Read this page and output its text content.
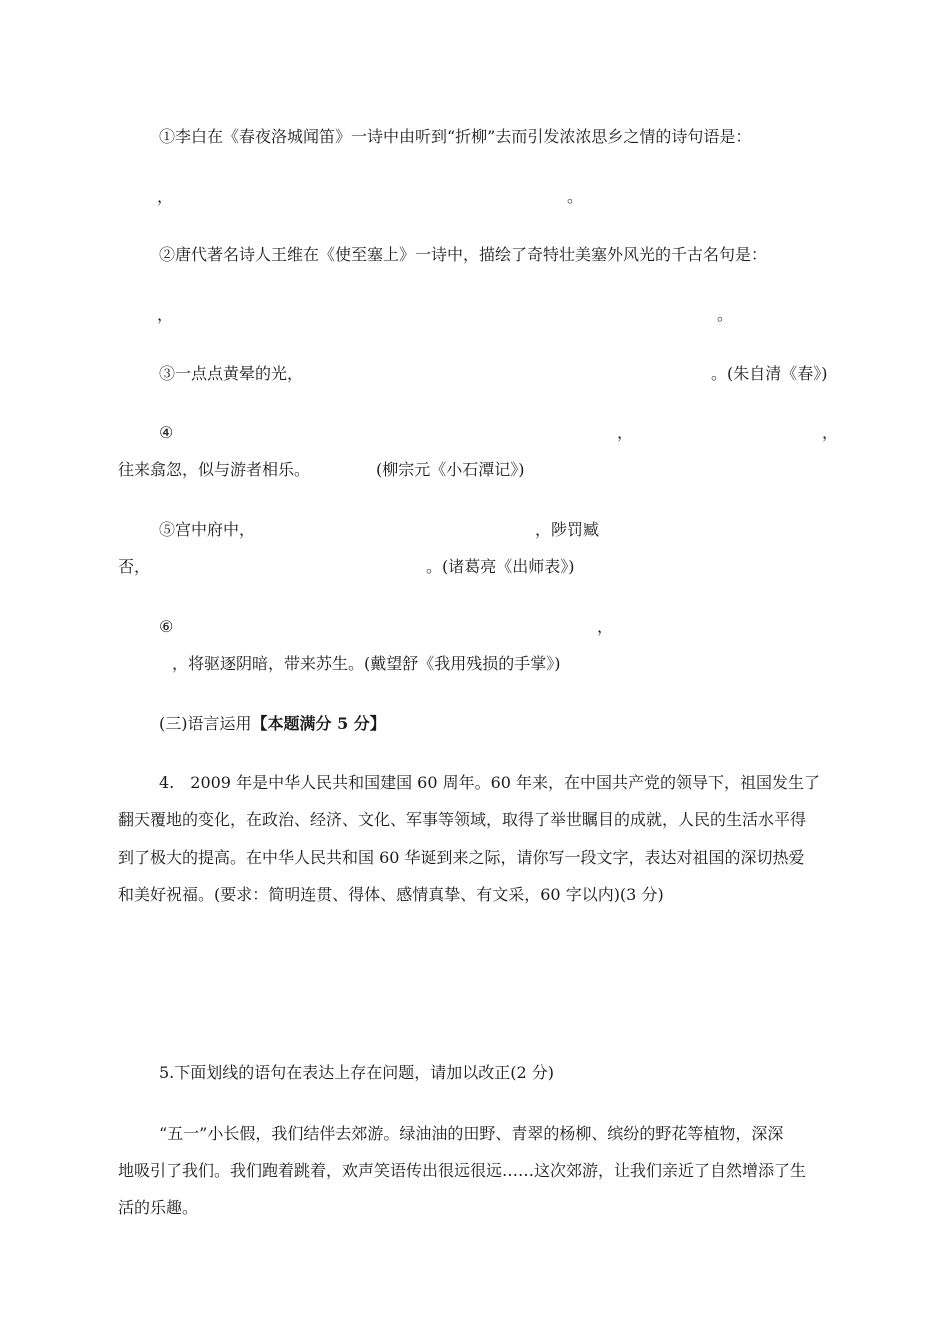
①李白在《春夜洛城闻笛》一诗中由听到“折柳”去而引发浓浓思乡之情的诗句语是：
，	。
②唐代著名诗人王维在《使至塞上》一诗中，描绘了奇特壮美塞外风光的千古名句是：
，	。
③一点点黄晕的光，	。(朱自清《春》)
④	，	，
往来翕忽，似与游者相乐。	(柳宗元《小石潭记》)
⑤宫中府中，	，陟罚臧
否，	。(诸葛亮《出师表》)
⑥	，
，将驱逐阴暗，带来苏生。(戴望舒《我用残损的手掌》)
(三)语言运用【本题满分 5 分】
4.　2009 年是中华人民共和国建国 60 周年。60 年来，在中国共产党的领导下，祖国发生了
翻天覆地的变化，在政治、经济、文化、军事等领域，取得了举世瞩目的成就，人民的生活水平得
到了极大的提高。在中华人民共和国 60 华诞到来之际，请你写一段文字，表达对祖国的深切热爱
和美好祝福。(要求：简明连贯、得体、感情真挚、有文采，60 字以内)(3 分)
5.下面划线的语句在表达上存在问题，请加以改正(2 分)
“五一”小长假，我们结伴去郊游。绿油油的田野、青翠的杨柳、缤纷的野花等植物，深深
地吸引了我们。我们跑着跳着，欢声笑语传出很远很远……这次郊游，让我们亲近了自然增添了生
活的乐趣。
